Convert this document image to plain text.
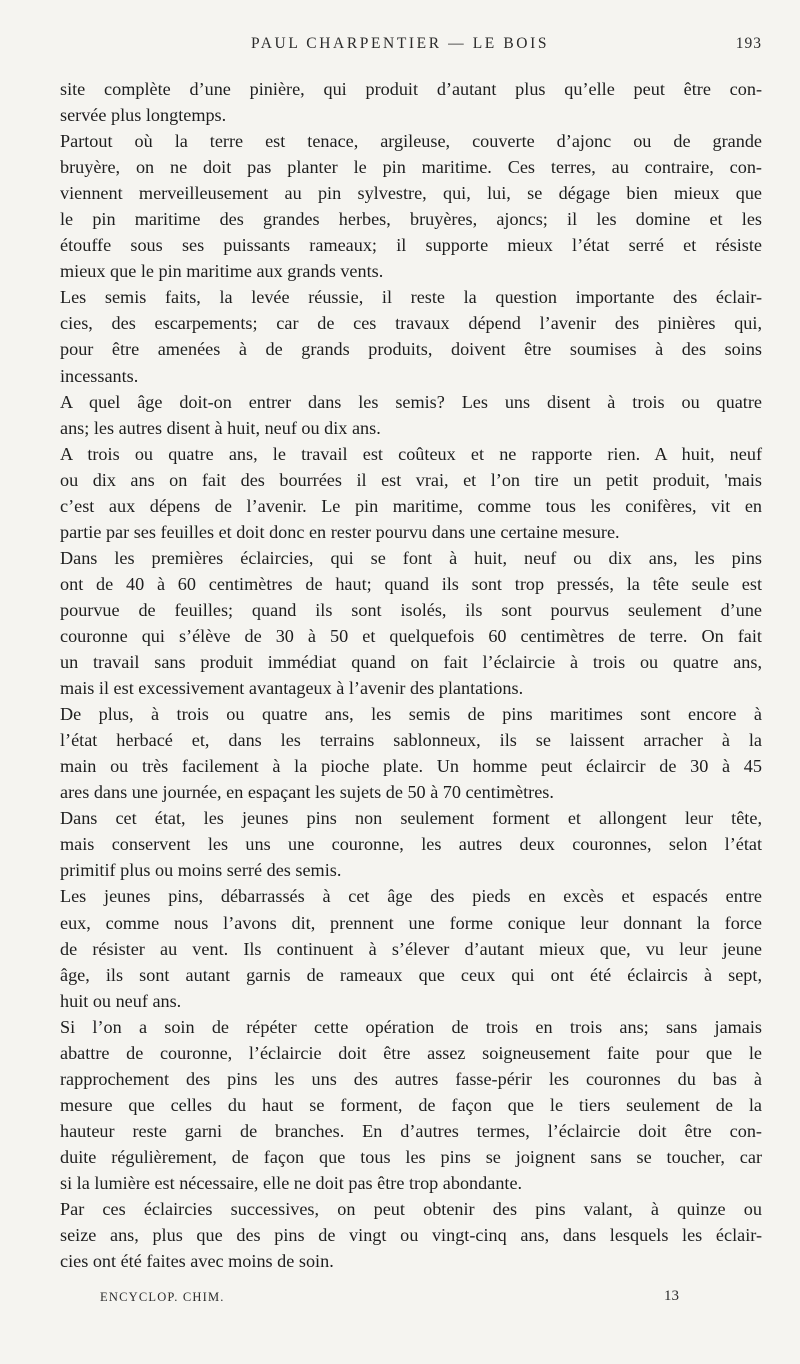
PAUL CHARPENTIER — LE BOIS	193

site complète d’une pinière, qui produit d’autant plus qu’elle peut être con-
servée plus longtemps.

Partout où la terre est tenace, argileuse, couverte d’ajonc ou de grande
bruyère, on ne doit pas planter le pin maritime. Ces terres, au contraire, con-
viennent merveilleusement au pin sylvestre, qui, lui, se dégage bien mieux que
le pin maritime des grandes herbes, bruyères, ajoncs; il les domine et les
étouffe sous ses puissants rameaux; il supporte mieux l’état serré et résiste
mieux que le pin maritime aux grands vents.

Les semis faits, la levée réussie, il reste la question importante des éclair-
cies, des escarpements; car de ces travaux dépend l’avenir des pinières qui,
pour être amenées à de grands produits, doivent être soumises à des soins
incessants.

A quel âge doit-on entrer dans les semis? Les uns disent à trois ou quatre
ans; les autres disent à huit, neuf ou dix ans.

A trois ou quatre ans, le travail est coûteux et ne rapporte rien. A huit, neuf
ou dix ans on fait des bourrées il est vrai, et l’on tire un petit produit, 'mais
c’est aux dépens de l’avenir. Le pin maritime, comme tous les conifères, vit en
partie par ses feuilles et doit donc en rester pourvu dans une certaine mesure.

Dans les premières éclaircies, qui se font à huit, neuf ou dix ans, les pins
ont de 40 à 60 centimètres de haut; quand ils sont trop pressés, la tête seule est
pourvue de feuilles; quand ils sont isolés, ils sont pourvus seulement d’une
couronne qui s’élève de 30 à 50 et quelquefois 60 centimètres de terre. On fait
un travail sans produit immédiat quand on fait l’éclaircie à trois ou quatre ans,
mais il est excessivement avantageux à l’avenir des plantations.

De plus, à trois ou quatre ans, les semis de pins maritimes sont encore à
l’état herbacé et, dans les terrains sablonneux, ils se laissent arracher à la
main ou très facilement à la pioche plate. Un homme peut éclaircir de 30 à 45
ares dans une journée, en espaçant les sujets de 50 à 70 centimètres.

Dans cet état, les jeunes pins non seulement forment et allongent leur tête,
mais conservent les uns une couronne, les autres deux couronnes, selon l’état
primitif plus ou moins serré des semis.

Les jeunes pins, débarrassés à cet âge des pieds en excès et espacés entre
eux, comme nous l’avons dit, prennent une forme conique leur donnant la force
de résister au vent. Ils continuent à s’élever d’autant mieux que, vu leur jeune
âge, ils sont autant garnis de rameaux que ceux qui ont été éclaircis à sept,
huit ou neuf ans.

Si l’on a soin de répéter cette opération de trois en trois ans; sans jamais
abattre de couronne, l’éclaircie doit être assez soigneusement faite pour que le
rapprochement des pins les uns des autres fasse-périr les couronnes du bas à
mesure que celles du haut se forment, de façon que le tiers seulement de la
hauteur reste garni de branches. En d’autres termes, l’éclaircie doit être con-
duite régulièrement, de façon que tous les pins se joignent sans se toucher, car
si la lumière est nécessaire, elle ne doit pas être trop abondante.

Par ces éclaircies successives, on peut obtenir des pins valant, à quinze ou
seize ans, plus que des pins de vingt ou vingt-cinq ans, dans lesquels les éclair-
cies ont été faites avec moins de soin.

ENCYCLOP. CHIM.	13
